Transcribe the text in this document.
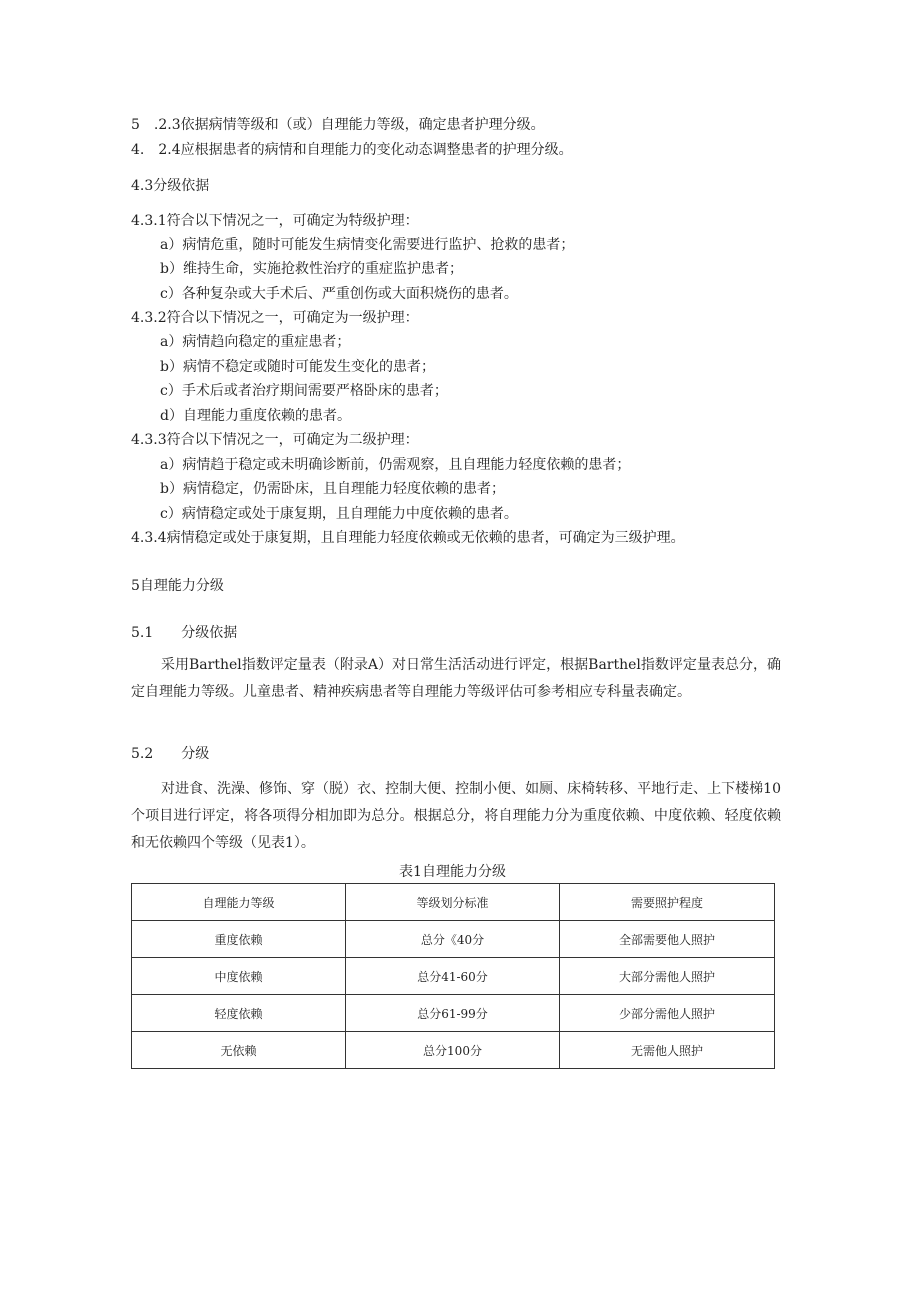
5　.2.3依据病情等级和（或）自理能力等级，确定患者护理分级。
4.　2.4应根据患者的病情和自理能力的变化动态调整患者的护理分级。
4.3分级依据
4.3.1符合以下情况之一，可确定为特级护理：
a）病情危重，随时可能发生病情变化需要进行监护、抢救的患者；
b）维持生命，实施抢救性治疗的重症监护患者；
c）各种复杂或大手术后、严重创伤或大面积烧伤的患者。
4.3.2符合以下情况之一，可确定为一级护理：
a）病情趋向稳定的重症患者；
b）病情不稳定或随时可能发生变化的患者；
c）手术后或者治疗期间需要严格卧床的患者；
d）自理能力重度依赖的患者。
4.3.3符合以下情况之一，可确定为二级护理：
a）病情趋于稳定或未明确诊断前，仍需观察，且自理能力轻度依赖的患者；
b）病情稳定，仍需卧床，且自理能力轻度依赖的患者；
c）病情稳定或处于康复期，且自理能力中度依赖的患者。
4.3.4病情稳定或处于康复期，且自理能力轻度依赖或无依赖的患者，可确定为三级护理。
5自理能力分级
5.1　　分级依据
采用Barthel指数评定量表（附录A）对日常生活活动进行评定，根据Barthel指数评定量表总分，确定自理能力等级。儿童患者、精神疾病患者等自理能力等级评估可参考相应专科量表确定。
5.2　　分级
对进食、洗澡、修饰、穿（脱）衣、控制大便、控制小便、如厕、床椅转移、平地行走、上下楼梯10个项目进行评定，将各项得分相加即为总分。根据总分，将自理能力分为重度依赖、中度依赖、轻度依赖和无依赖四个等级（见表1）。
表1自理能力分级
自理能力等级	等级划分标准	需要照护程度
重度依赖	总分《40分	全部需要他人照护
中度依赖	总分41-60分	大部分需他人照护
轻度依赖	总分61-99分	少部分需他人照护
无依赖	总分100分	无需他人照护
